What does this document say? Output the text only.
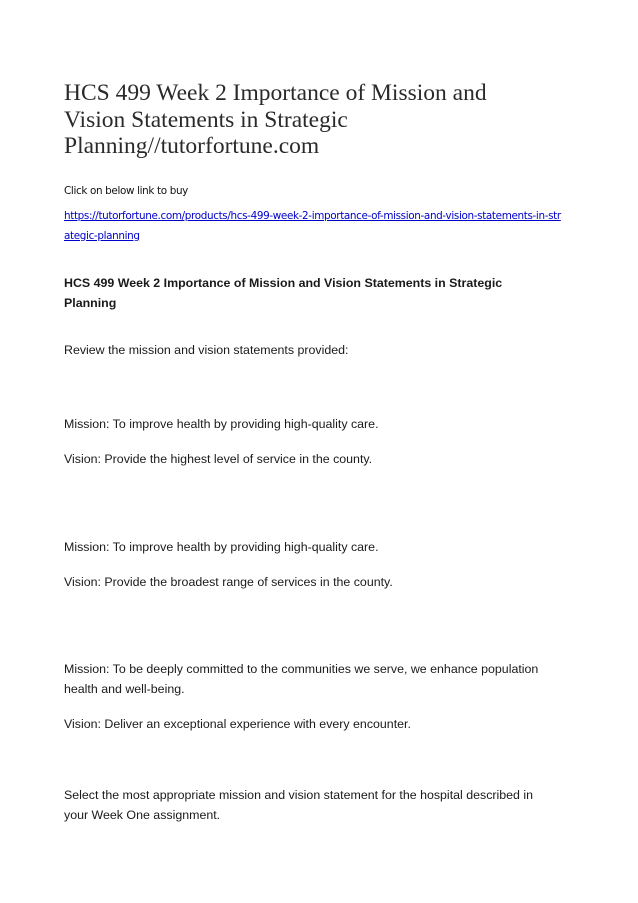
HCS 499 Week 2 Importance of Mission and Vision Statements in Strategic Planning//tutorfortune.com

Click on below link to buy

https://tutorfortune.com/products/hcs-499-week-2-importance-of-mission-and-vision-statements-in-strategic-planning

HCS 499 Week 2 Importance of Mission and Vision Statements in Strategic Planning

Review the mission and vision statements provided:

Mission: To improve health by providing high-quality care.

Vision: Provide the highest level of service in the county.

Mission: To improve health by providing high-quality care.

Vision: Provide the broadest range of services in the county.

Mission: To be deeply committed to the communities we serve, we enhance population health and well-being.

Vision: Deliver an exceptional experience with every encounter.

Select the most appropriate mission and vision statement for the hospital described in your Week One assignment.
